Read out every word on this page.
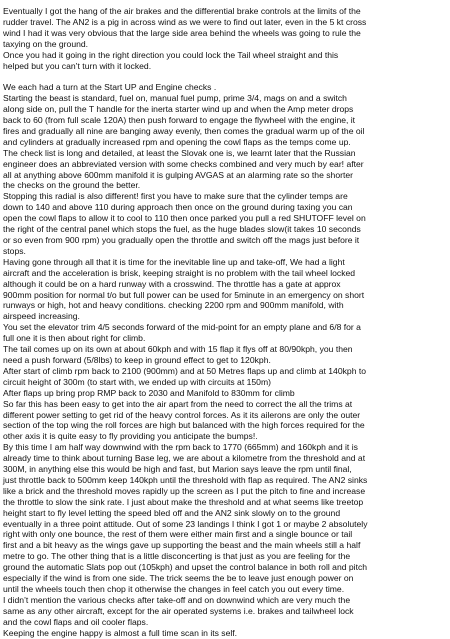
Eventually I got the hang of the air brakes and the differential brake controls at the limits of the
rudder travel. The AN2 is a pig in across wind as we were to find out later, even in the 5 kt cross
wind I had it was very obvious that the large side area behind the wheels was going to rule the
taxying on the ground.
Once you had it going in the right direction you could lock the Tail wheel straight and this
helped but you can’t turn with it locked.
We each had a turn at the Start UP and Engine checks .
Starting the beast is standard, fuel on, manual fuel pump, prime 3/4, mags on and a switch
along side on, pull the T handle for the inerta starter wind up and when the Amp meter drops
back to 60 (from full scale 120A) then push forward to engage the flywheel with the engine, it
fires and gradually all nine are banging away evenly, then comes the gradual warm up of the oil
and cylinders at gradually increased rpm and opening the cowl flaps as the temps come up.
The check list is long and detailed, at least the Slovak one is, we learnt later that the Russian
engineer does an abbreviated version with some checks combined and very much by ear! after
all at anything above 600mm manifold it is gulping AVGAS at an alarming rate so the shorter
the checks on the ground the better.
Stopping this radial is also different! first you have to make sure that the cylinder temps are
down to 140 and above 110 during approach then once on the ground during taxing you can
open the cowl flaps to allow it to cool to 110 then once parked you pull a red SHUTOFF level on
the right of the central panel which stops the fuel, as the huge blades slow(it takes 10 seconds
or so even from 900 rpm) you gradually open the throttle and switch off the mags just before it
stops.
Having gone through all that it is time for the inevitable line up and take-off, We had a light
aircraft and the acceleration is brisk, keeping straight is no problem with the tail wheel locked
although it could be on a hard runway with a crosswind. The throttle has a gate at approx
900mm position for normal t/o but full power can be used for 5minute in an emergency on short
runways or high, hot and heavy conditions. checking 2200 rpm and 900mm manifold, with
airspeed increasing.
You set the elevator trim 4/5 seconds forward of the mid-point for an empty plane and 6/8 for a
full one it is then about right for climb.
The tail comes up on its own at about 60kph and with 15 flap it flys off at 80/90kph, you then
need a push forward (5/8lbs) to keep in ground effect to get to 120kph.
After start of climb rpm back to 2100 (900mm) and at 50 Metres flaps up and climb at 140kph to
circuit height of 300m (to start with, we ended up with circuits at 150m)
After flaps up bring prop RMP back to 2030 and Manifold to 830mm for climb
So far this has been easy to get into the air apart from the need to correct the all the trims at
different power setting to get rid of the heavy control forces. As it its ailerons are only the outer
section of the top wing the roll forces are high but balanced with the high forces required for the
other axis it is quite easy to fly providing you anticipate the bumps!.
By this time I am half way downwind with the rpm back to 1770 (665mm) and 160kph and it is
already time to think about turning Base leg, we are about a kilometre from the threshold and at
300M, in anything else this would be high and fast, but Marion says leave the rpm until final,
just throttle back to 500mm keep 140kph until the threshold with flap as required. The AN2 sinks
like a brick and the threshold moves rapidly up the screen as I put the pitch to fine and increase
the throttle to slow the sink rate. I just about make the threshold and at what seems like treetop
height start to fly level letting the speed bled off and the AN2 sink slowly on to the ground
eventually in a three point attitude. Out of some 23 landings I think I got 1 or maybe 2 absolutely
right with only one bounce, the rest of them were either main first and a single bounce or tail
first and a bit heavy as the wings gave up supporting the beast and the main wheels still a half
metre to go. The other thing that is a little disconcerting is that just as you are feeling for the
ground the automatic Slats pop out (105kph) and upset the control balance in both roll and pitch
especially if the wind is from one side. The trick seems the be to leave just enough power on
until the wheels touch then chop it otherwise the changes in feel catch you out every time.
I didn’t mention the various checks after take-off and on downwind which are very much the
same as any other aircraft, except for the air operated systems i.e. brakes and tailwheel lock
and the cowl flaps and oil cooler flaps.
Keeping the engine happy is almost a full time scan in its self.
